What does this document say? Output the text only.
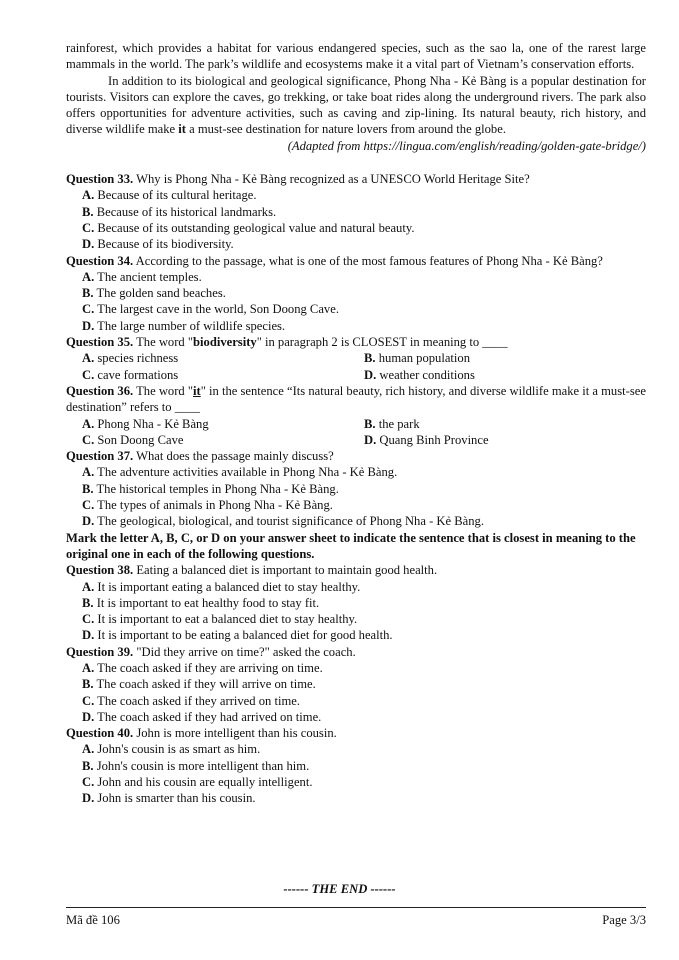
rainforest, which provides a habitat for various endangered species, such as the sao la, one of the rarest large mammals in the world. The park’s wildlife and ecosystems make it a vital part of Vietnam’s conservation efforts.

In addition to its biological and geological significance, Phong Nha - Kẻ Bàng is a popular destination for tourists. Visitors can explore the caves, go trekking, or take boat rides along the underground rivers. The park also offers opportunities for adventure activities, such as caving and zip-lining. Its natural beauty, rich history, and diverse wildlife make it a must-see destination for nature lovers from around the globe.

(Adapted from https://lingua.com/english/reading/golden-gate-bridge/)

Question 33. Why is Phong Nha - Kẻ Bàng recognized as a UNESCO World Heritage Site?

A. Because of its cultural heritage.

B. Because of its historical landmarks.

C. Because of its outstanding geological value and natural beauty.

D. Because of its biodiversity.

Question 34. According to the passage, what is one of the most famous features of Phong Nha - Kẻ Bàng?

A. The ancient temples.

B. The golden sand beaches.

C. The largest cave in the world, Son Doong Cave.

D. The large number of wildlife species.

Question 35. The word "biodiversity" in paragraph 2 is CLOSEST in meaning to ____

A. species richness	B. human population
C. cave formations	D. weather conditions

Question 36. The word "it" in the sentence “Its natural beauty, rich history, and diverse wildlife make it a must-see destination” refers to ____

A. Phong Nha - Kẻ Bàng	B. the park
C. Son Doong Cave	D. Quang Binh Province

Question 37. What does the passage mainly discuss?

A. The adventure activities available in Phong Nha - Kẻ Bàng.

B. The historical temples in Phong Nha - Kẻ Bàng.

C. The types of animals in Phong Nha - Kẻ Bàng.

D. The geological, biological, and tourist significance of Phong Nha - Kẻ Bàng.

Mark the letter A, B, C, or D on your answer sheet to indicate the sentence that is closest in meaning to the original one in each of the following questions.

Question 38. Eating a balanced diet is important to maintain good health.

A. It is important eating a balanced diet to stay healthy.

B. It is important to eat healthy food to stay fit.

C. It is important to eat a balanced diet to stay healthy.

D. It is important to be eating a balanced diet for good health.

Question 39. "Did they arrive on time?" asked the coach.

A. The coach asked if they are arriving on time.

B. The coach asked if they will arrive on time.

C. The coach asked if they arrived on time.

D. The coach asked if they had arrived on time.

Question 40. John is more intelligent than his cousin.

A. John's cousin is as smart as him.

B. John's cousin is more intelligent than him.

C. John and his cousin are equally intelligent.

D. John is smarter than his cousin.

------ THE END ------
Mã đề 106	Page 3/3
